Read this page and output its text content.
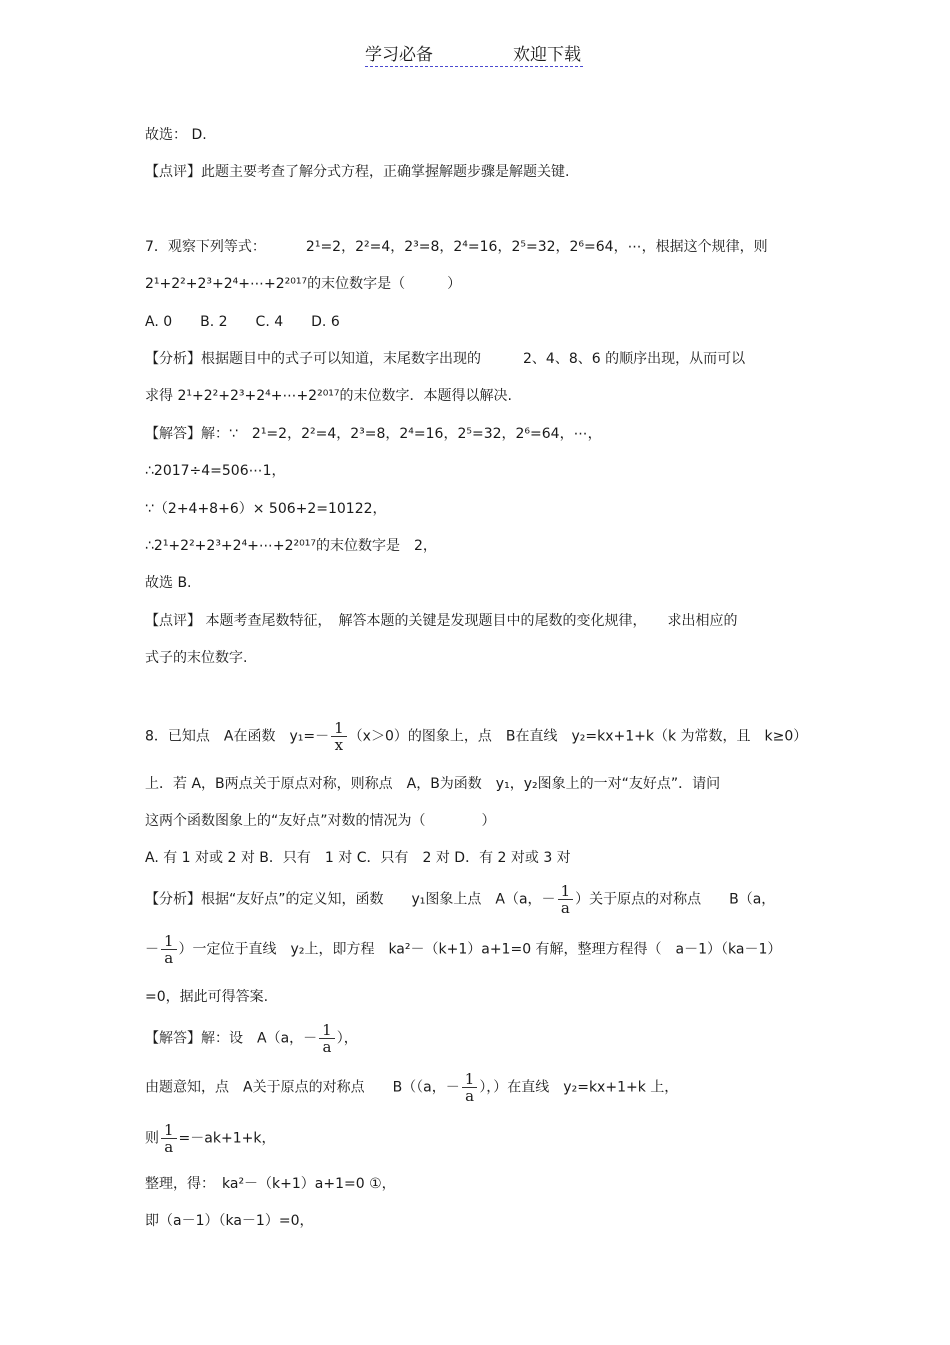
学习必备	欢迎下载
故选： D.
【点评】此题主要考查了解分式方程，正确掌握解题步骤是解题关键.
7．观察下列等式：	2¹=2，2²=4，2³=8，2⁴=16，2⁵=32，2⁶=64，⋯，根据这个规律，则
2¹+2²+2³+2⁴+⋯+2²⁰¹⁷的末位数字是（　　　）
A. 0　　B. 2　　C. 4　　D. 6
【分析】根据题目中的式子可以知道，末尾数字出现的　　　2、4、8、6 的顺序出现，从而可以
求得 2¹+2²+2³+2⁴+⋯+2²⁰¹⁷的末位数字．本题得以解决.
【解答】解：∵　2¹=2，2²=4，2³=8，2⁴=16，2⁵=32，2⁶=64，⋯，
∴2017÷4=506⋯1，
∵（2+4+8+6）× 506+2=10122，
∴2¹+2²+2³+2⁴+⋯+2²⁰¹⁷的末位数字是　2，
故选 B.
【点评】 本题考查尾数特征，　解答本题的关键是发现题目中的尾数的变化规律，　　求出相应的
式子的末位数字.
8．已知点　A在函数　$y_1=- \frac{1}{x} (x>0)$的图象上，点　B在直线　y₂=kx+1+k（k 为常数，且　k≥0）
上．若 A，B两点关于原点对称，则称点　A，B为函数　y₁，y₂图象上的一对“友好点”．请问
这两个函数图象上的“友好点”对数的情况为（　　　　）
A. 有 1 对或 2 对 B．只有　1 对 C．只有　2 对 D．有 2 对或 3 对
【分析】根据“友好点”的定义知，函数　　y₁图象上点　A（a，－ $\frac{1}{a}$ ）关于原点的对称点　　B（a，
－ $\frac{1}{a}$ ）一定位于直线　y₂上，即方程　ka²－（k+1）a+1=0 有解，整理方程得（　a－1）（ka－1）
=0，据此可得答案.
【解答】解：设　A（a，－ $\frac{1}{a}$ ），
由题意知，点　A关于原点的对称点　　B（（a，－ $\frac{1}{a}$ ），）在直线　y₂=kx+1+k 上，
则 $\frac{1}{a} =-ak+1+k$，
整理，得：　ka²－（k+1）a+1=0 ①，
即（a－1）（ka－1）=0，
